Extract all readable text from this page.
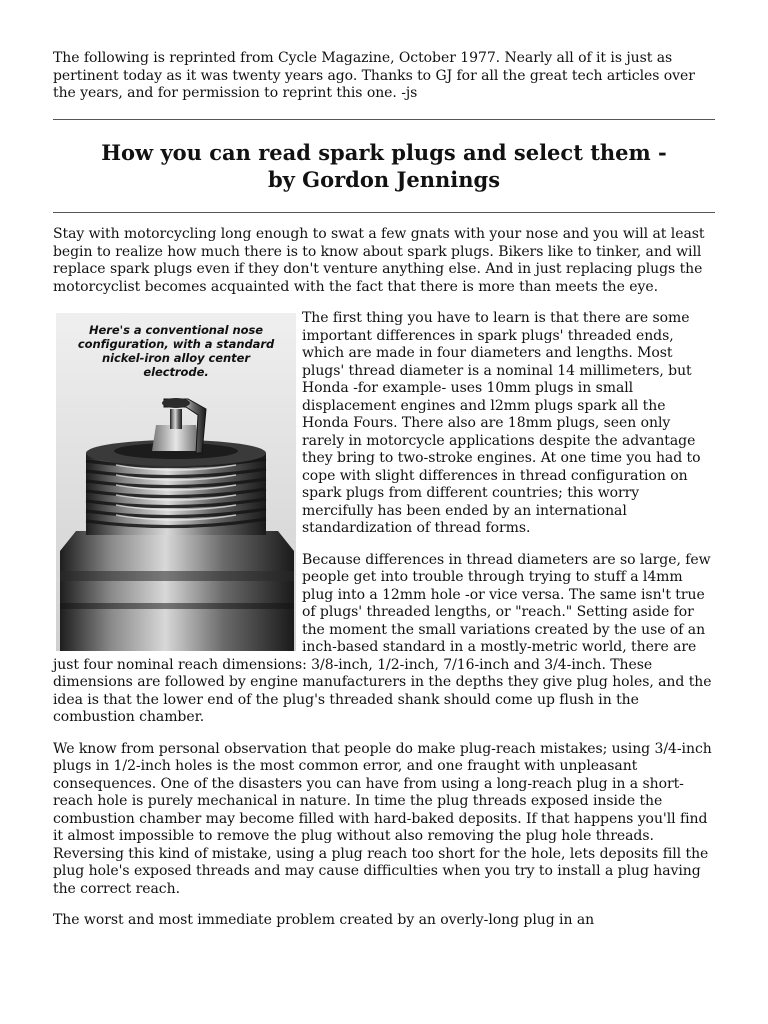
The following is reprinted from Cycle Magazine, October 1977. Nearly all of it is just as pertinent today as it was twenty years ago. Thanks to GJ for all the great tech articles over the years, and for permission to reprint this one. -js

How you can read spark plugs and select them -
by Gordon Jennings

Stay with motorcycling long enough to swat a few gnats with your nose and you will at least begin to realize how much there is to know about spark plugs. Bikers like to tinker, and will replace spark plugs even if they don't venture anything else. And in just replacing plugs the motorcyclist becomes acquainted with the fact that there is more than meets the eye.

Here's a conventional nose configuration, with a standard nickel-iron alloy center electrode.

The first thing you have to learn is that there are some important differences in spark plugs' threaded ends, which are made in four diameters and lengths. Most plugs' thread diameter is a nominal 14 millimeters, but Honda -for example- uses 10mm plugs in small displacement engines and l2mm plugs spark all the Honda Fours. There also are 18mm plugs, seen only rarely in motorcycle applications despite the advantage they bring to two-stroke engines. At one time you had to cope with slight differences in thread configuration on spark plugs from different countries; this worry mercifully has been ended by an international standardization of thread forms.

Because differences in thread diameters are so large, few people get into trouble through trying to stuff a l4mm plug into a 12mm hole -or vice versa. The same isn't true of plugs' threaded lengths, or "reach." Setting aside for the moment the small variations created by the use of an inch-based standard in a mostly-metric world, there are just four nominal reach dimensions: 3/8-inch, 1/2-inch, 7/16-inch and 3/4-inch. These dimensions are followed by engine manufacturers in the depths they give plug holes, and the idea is that the lower end of the plug's threaded shank should come up flush in the combustion chamber.

We know from personal observation that people do make plug-reach mistakes; using 3/4-inch plugs in 1/2-inch holes is the most common error, and one fraught with unpleasant consequences. One of the disasters you can have from using a long-reach plug in a short-reach hole is purely mechanical in nature. In time the plug threads exposed inside the combustion chamber may become filled with hard-baked deposits. If that happens you'll find it almost impossible to remove the plug without also removing the plug hole threads. Reversing this kind of mistake, using a plug reach too short for the hole, lets deposits fill the plug hole's exposed threads and may cause difficulties when you try to install a plug having the correct reach.

The worst and most immediate problem created by an overly-long plug in an
